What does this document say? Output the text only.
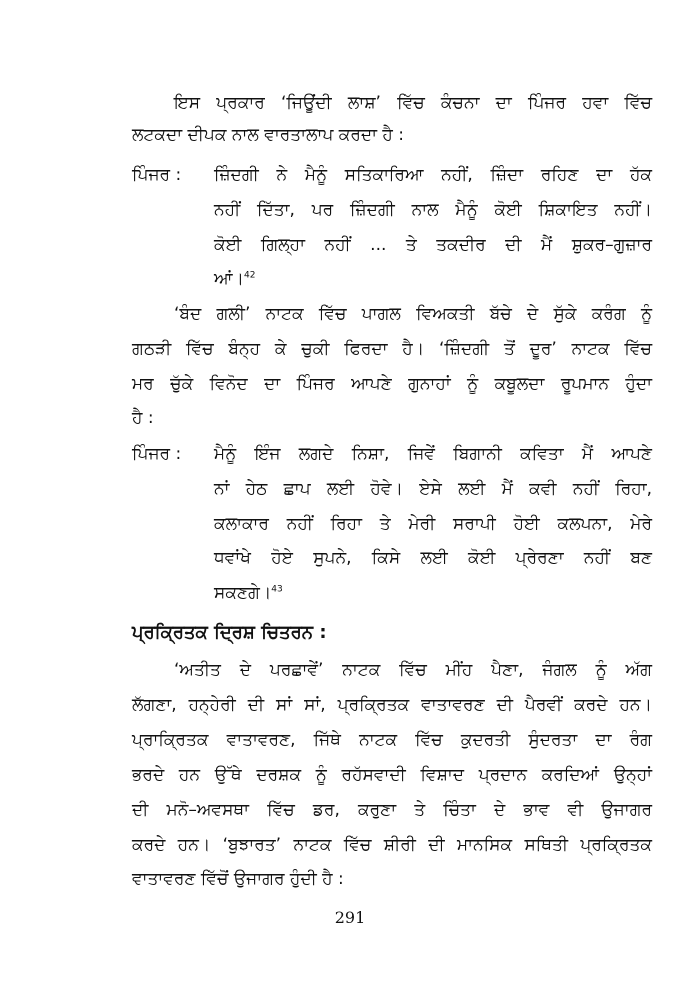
ਇਸ ਪ੍ਰਕਾਰ ‘ਜਿਊਂਦੀ ਲਾਸ਼’ ਵਿੱਚ ਕੰਚਨਾ ਦਾ ਪਿੰਜਰ ਹਵਾ ਵਿੱਚ
ਲਟਕਦਾ ਦੀਪਕ ਨਾਲ ਵਾਰਤਾਲਾਪ ਕਰਦਾ ਹੈ :
ਪਿੰਜਰ : ਜ਼ਿੰਦਗੀ ਨੇ ਮੈਨੂੰ ਸਤਿਕਾਰਿਆ ਨਹੀਂ, ਜ਼ਿੰਦਾ ਰਹਿਣ ਦਾ ਹੱਕ
ਨਹੀਂ ਦਿੱਤਾ, ਪਰ ਜ਼ਿੰਦਗੀ ਨਾਲ ਮੈਨੂੰ ਕੋਈ ਸ਼ਿਕਾਇਤ ਨਹੀਂ।
ਕੋਈ ਗਿਲ੍ਹਾ ਨਹੀਂ ... ਤੇ ਤਕਦੀਰ ਦੀ ਮੈਂ ਸ਼ੁਕਰ–ਗੁਜ਼ਾਰ
ਆਂ।$^{42}$
‘ਬੰਦ ਗਲੀ’ ਨਾਟਕ ਵਿੱਚ ਪਾਗਲ ਵਿਅਕਤੀ ਬੱਚੇ ਦੇ ਸੁੱਕੇ ਕਰੰਗ ਨੂੰ
ਗਠੜੀ ਵਿੱਚ ਬੰਨ੍ਹ ਕੇ ਚੁਕੀ ਫਿਰਦਾ ਹੈ। ‘ਜ਼ਿੰਦਗੀ ਤੋਂ ਦੂਰ’ ਨਾਟਕ ਵਿੱਚ
ਮਰ ਚੁੱਕੇ ਵਿਨੋਦ ਦਾ ਪਿੰਜਰ ਆਪਣੇ ਗੁਨਾਹਾਂ ਨੂੰ ਕਬੂਲਦਾ ਰੂਪਮਾਨ ਹੁੰਦਾ
ਹੈ :
ਪਿੰਜਰ : ਮੈਨੂੰ ਇੰਜ ਲਗਦੇ ਨਿਸ਼ਾ, ਜਿਵੇਂ ਬਿਗਾਨੀ ਕਵਿਤਾ ਮੈਂ ਆਪਣੇ
ਨਾਂ ਹੇਠ ਛਾਪ ਲਈ ਹੋਵੇ। ਏਸੇ ਲਈ ਮੈਂ ਕਵੀ ਨਹੀਂ ਰਿਹਾ,
ਕਲਾਕਾਰ ਨਹੀਂ ਰਿਹਾ ਤੇ ਮੇਰੀ ਸਰਾਪੀ ਹੋਈ ਕਲਪਨਾ, ਮੇਰੇ
ਧਵਾਂਖੇ ਹੋਏ ਸੁਪਨੇ, ਕਿਸੇ ਲਈ ਕੋਈ ਪ੍ਰੇਰਣਾ ਨਹੀਂ ਬਣ
ਸਕਣਗੇ।$^{43}$
ਪ੍ਰਕ੍ਰਿਤਕ ਦ੍ਰਿਸ਼ ਚਿਤਰਨ :
‘ਅਤੀਤ ਦੇ ਪਰਛਾਵੇਂ’ ਨਾਟਕ ਵਿੱਚ ਮੀਂਹ ਪੈਣਾ, ਜੰਗਲ ਨੂੰ ਅੱਗ
ਲੱਗਣਾ, ਹਨ੍ਹੇਰੀ ਦੀ ਸਾਂ ਸਾਂ, ਪ੍ਰਕ੍ਰਿਤਕ ਵਾਤਾਵਰਣ ਦੀ ਪੈਰਵੀਂ ਕਰਦੇ ਹਨ।
ਪ੍ਰਾਕ੍ਰਿਤਕ ਵਾਤਾਵਰਣ, ਜਿੱਥੇ ਨਾਟਕ ਵਿੱਚ ਕੁਦਰਤੀ ਸੁੰਦਰਤਾ ਦਾ ਰੰਗ
ਭਰਦੇ ਹਨ ਉੱਥੇ ਦਰਸ਼ਕ ਨੂੰ ਰਹੱਸਵਾਦੀ ਵਿਸ਼ਾਦ ਪ੍ਰਦਾਨ ਕਰਦਿਆਂ ਉਨ੍ਹਾਂ
ਦੀ ਮਨੋ–ਅਵਸਥਾ ਵਿੱਚ ਡਰ, ਕਰੁਣਾ ਤੇ ਚਿੰਤਾ ਦੇ ਭਾਵ ਵੀ ਉਜਾਗਰ
ਕਰਦੇ ਹਨ। ‘ਬੁਝਾਰਤ’ ਨਾਟਕ ਵਿੱਚ ਸ਼ੀਰੀ ਦੀ ਮਾਨਸਿਕ ਸਥਿਤੀ ਪ੍ਰਕ੍ਰਿਤਕ
ਵਾਤਾਵਰਣ ਵਿੱਚੋਂ ਉਜਾਗਰ ਹੁੰਦੀ ਹੈ :
291
